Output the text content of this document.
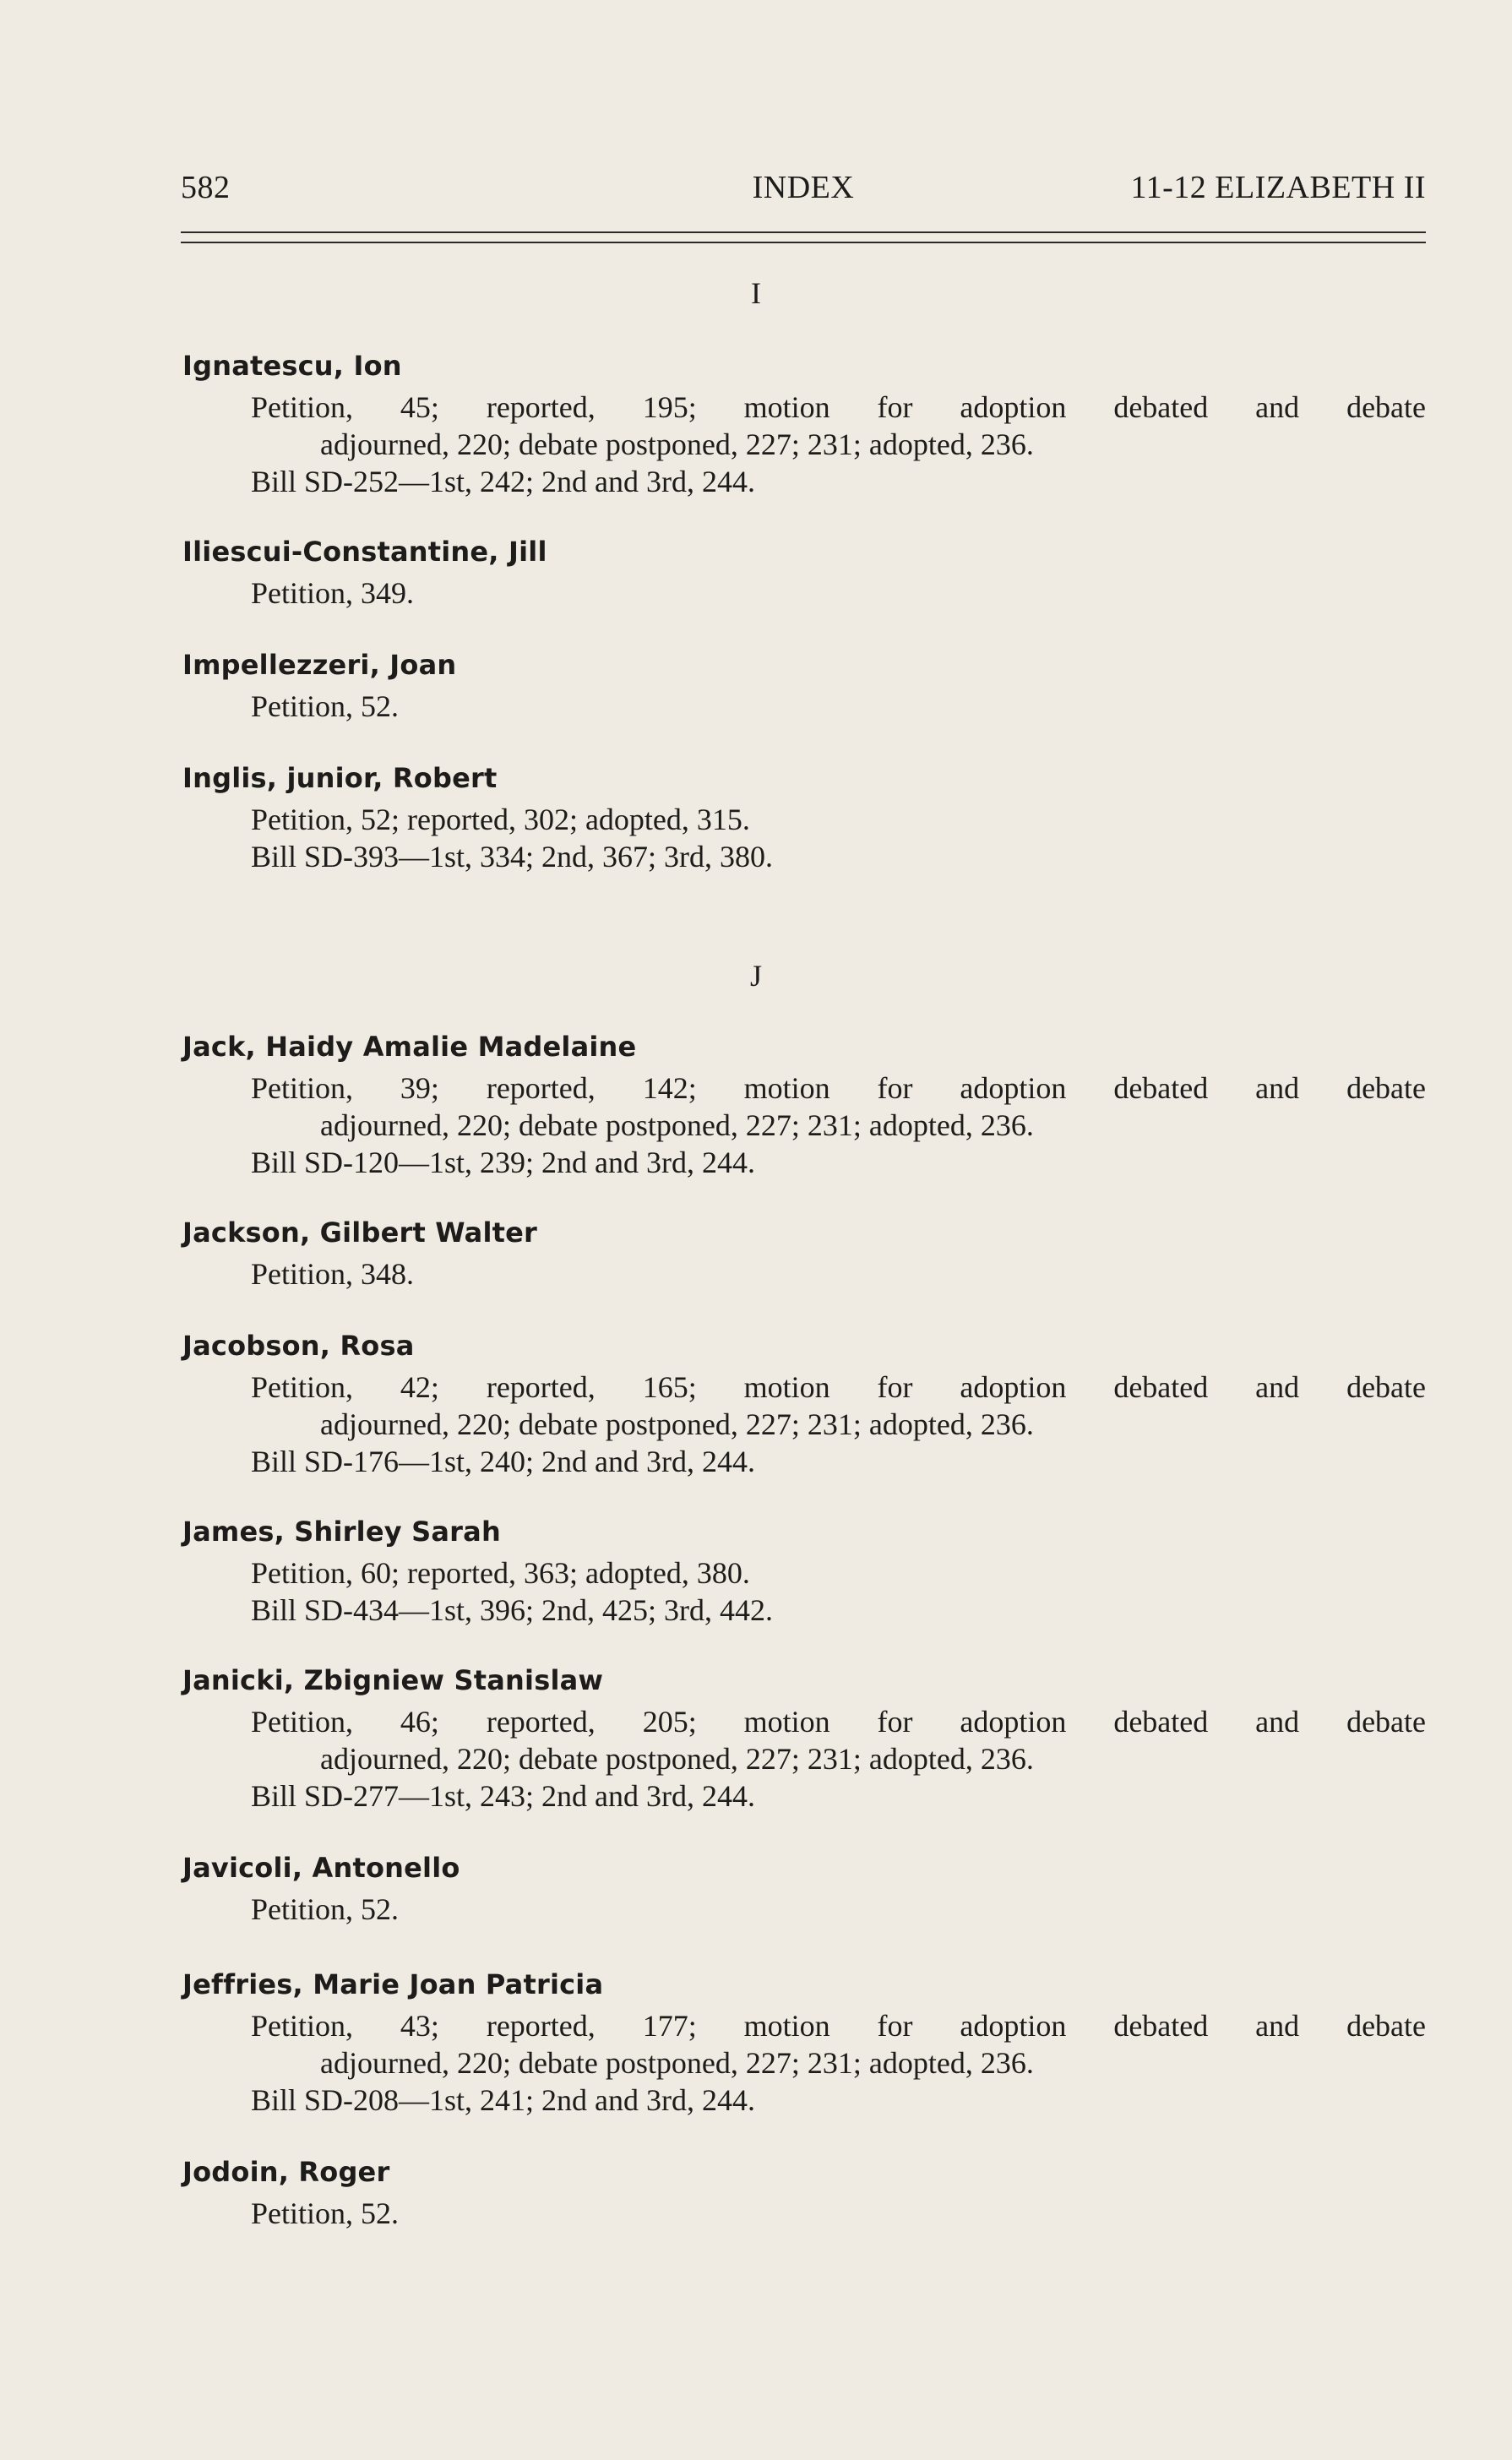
582	INDEX	11-12 ELIZABETH II
I
Ignatescu, Ion
Petition, 45; reported, 195; motion for adoption debated and debate
adjourned, 220; debate postponed, 227; 231; adopted, 236.
Bill SD-252—1st, 242; 2nd and 3rd, 244.
Iliescui-Constantine, Jill
Petition, 349.
Impellezzeri, Joan
Petition, 52.
Inglis, junior, Robert
Petition, 52; reported, 302; adopted, 315.
Bill SD-393—1st, 334; 2nd, 367; 3rd, 380.
J
Jack, Haidy Amalie Madelaine
Petition, 39; reported, 142; motion for adoption debated and debate
adjourned, 220; debate postponed, 227; 231; adopted, 236.
Bill SD-120—1st, 239; 2nd and 3rd, 244.
Jackson, Gilbert Walter
Petition, 348.
Jacobson, Rosa
Petition, 42; reported, 165; motion for adoption debated and debate
adjourned, 220; debate postponed, 227; 231; adopted, 236.
Bill SD-176—1st, 240; 2nd and 3rd, 244.
James, Shirley Sarah
Petition, 60; reported, 363; adopted, 380.
Bill SD-434—1st, 396; 2nd, 425; 3rd, 442.
Janicki, Zbigniew Stanislaw
Petition, 46; reported, 205; motion for adoption debated and debate
adjourned, 220; debate postponed, 227; 231; adopted, 236.
Bill SD-277—1st, 243; 2nd and 3rd, 244.
Javicoli, Antonello
Petition, 52.
Jeffries, Marie Joan Patricia
Petition, 43; reported, 177; motion for adoption debated and debate
adjourned, 220; debate postponed, 227; 231; adopted, 236.
Bill SD-208—1st, 241; 2nd and 3rd, 244.
Jodoin, Roger
Petition, 52.
